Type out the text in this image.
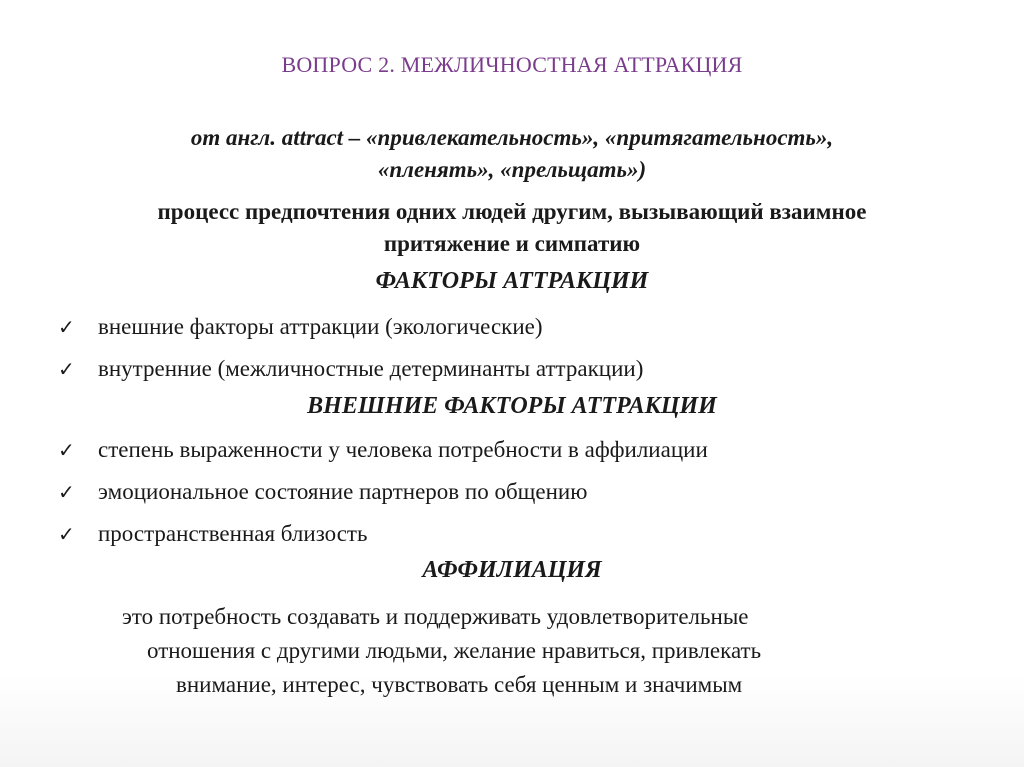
ВОПРОС 2. МЕЖЛИЧНОСТНАЯ АТТРАКЦИЯ
от англ. attract – «привлекательность», «притягательность»,
«пленять», «прельщать»)
процесс предпочтения одних людей другим, вызывающий взаимное
притяжение и симпатию
ФАКТОРЫ АТТРАКЦИИ
✓	внешние факторы аттракции (экологические)
✓	внутренние (межличностные детерминанты аттракции)
ВНЕШНИЕ ФАКТОРЫ АТТРАКЦИИ
✓	степень выраженности у человека потребности в аффилиации
✓	эмоциональное состояние партнеров по общению
✓	пространственная близость
АФФИЛИАЦИЯ
это потребность создавать и поддерживать удовлетворительные
отношения с другими людьми, желание нравиться, привлекать
внимание, интерес, чувствовать себя ценным и значимым
